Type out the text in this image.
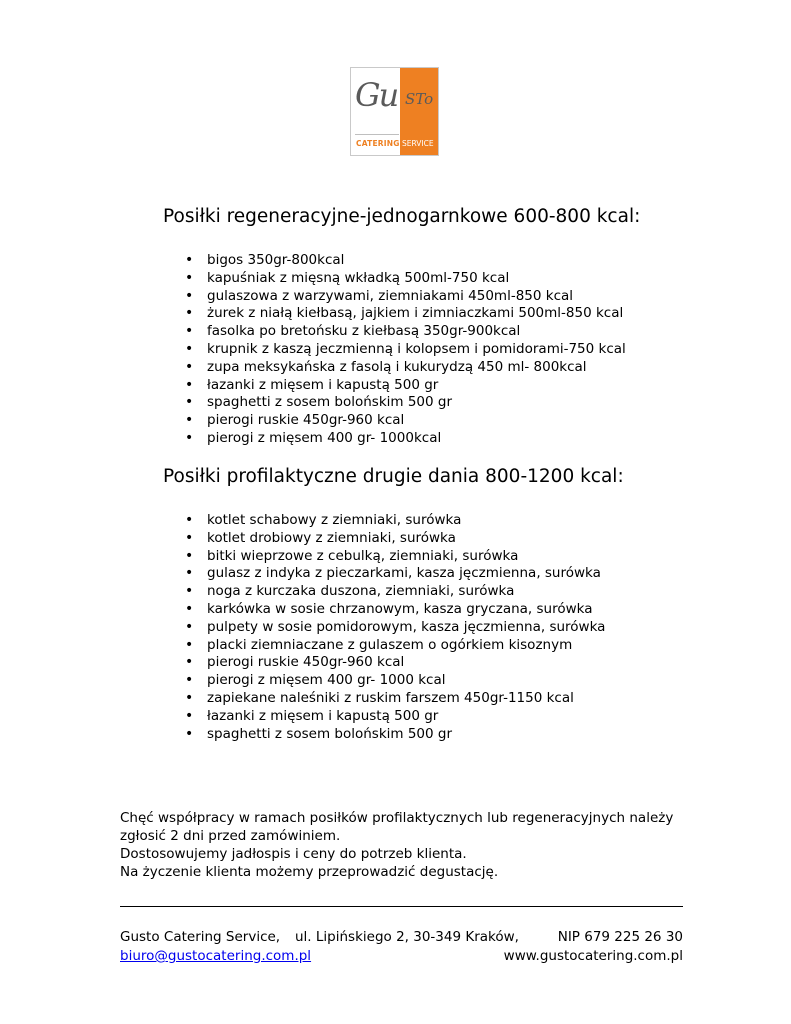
Gu STo
CATERING SERVICE
Posiłki regeneracyjne-jednogarnkowe 600-800 kcal:
• bigos 350gr-800kcal
• kapuśniak z mięsną wkładką 500ml-750 kcal
• gulaszowa z warzywami, ziemniakami 450ml-850 kcal
• żurek z niałą kiełbasą, jajkiem i zimniaczkami 500ml-850 kcal
• fasolka po bretońsku z kiełbasą 350gr-900kcal
• krupnik z kaszą jeczmienną i kolopsem i pomidorami-750 kcal
• zupa meksykańska z fasolą i kukurydzą 450 ml- 800kcal
• łazanki z mięsem i kapustą 500 gr
• spaghetti z sosem bolońskim 500 gr
• pierogi ruskie 450gr-960 kcal
• pierogi z mięsem 400 gr- 1000kcal
Posiłki profilaktyczne drugie dania 800-1200 kcal:
• kotlet schabowy z ziemniaki, surówka
• kotlet drobiowy z ziemniaki, surówka
• bitki wieprzowe z cebulką, ziemniaki, surówka
• gulasz z indyka z pieczarkami, kasza jęczmienna, surówka
• noga z kurczaka duszona, ziemniaki, surówka
• karkówka w sosie chrzanowym, kasza gryczana, surówka
• pulpety w sosie pomidorowym, kasza jęczmienna, surówka
• placki ziemniaczane z gulaszem o ogórkiem kisoznym
• pierogi ruskie 450gr-960 kcal
• pierogi z mięsem 400 gr- 1000 kcal
• zapiekane naleśniki z ruskim farszem 450gr-1150 kcal
• łazanki z mięsem i kapustą 500 gr
• spaghetti z sosem bolońskim 500 gr
Chęć współpracy w ramach posiłków profilaktycznych lub regeneracyjnych należy
zgłosić 2 dni przed zamówiniem.
Dostosowujemy jadłospis i ceny do potrzeb klienta.
Na życzenie klienta możemy przeprowadzić degustację.
Gusto Catering Service, ul. Lipińskiego 2, 30-349 Kraków,	NIP 679 225 26 30
biuro@gustocatering.com.pl	www.gustocatering.com.pl
